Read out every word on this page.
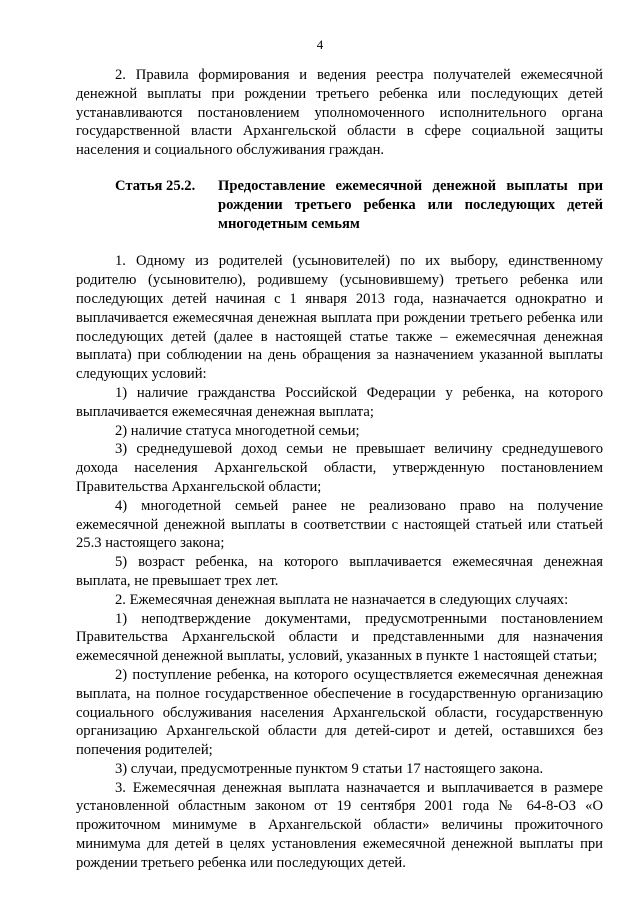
4

2. Правила формирования и ведения реестра получателей ежемесячной денежной выплаты при рождении третьего ребенка или последующих детей устанавливаются постановлением уполномоченного исполнительного органа государственной власти Архангельской области в сфере социальной защиты населения и социального обслуживания граждан.

Статья 25.2.	Предоставление ежемесячной денежной выплаты при рождении третьего ребенка или последующих детей многодетным семьям

1. Одному из родителей (усыновителей) по их выбору, единственному родителю (усыновителю), родившему (усыновившему) третьего ребенка или последующих детей начиная с 1 января 2013 года, назначается однократно и выплачивается ежемесячная денежная выплата при рождении третьего ребенка или последующих детей (далее в настоящей статье также – ежемесячная денежная выплата) при соблюдении на день обращения за назначением указанной выплаты следующих условий:

1) наличие гражданства Российской Федерации у ребенка, на которого выплачивается ежемесячная денежная выплата;

2) наличие статуса многодетной семьи;

3) среднедушевой доход семьи не превышает величину среднедушевого дохода населения Архангельской области, утвержденную постановлением Правительства Архангельской области;

4) многодетной семьей ранее не реализовано право на получение ежемесячной денежной выплаты в соответствии с настоящей статьей или статьей 25.3 настоящего закона;

5) возраст ребенка, на которого выплачивается ежемесячная денежная выплата, не превышает трех лет.

2. Ежемесячная денежная выплата не назначается в следующих случаях:

1) неподтверждение документами, предусмотренными постановлением Правительства Архангельской области и представленными для назначения ежемесячной денежной выплаты, условий, указанных в пункте 1 настоящей статьи;

2) поступление ребенка, на которого осуществляется ежемесячная денежная выплата, на полное государственное обеспечение в государственную организацию социального обслуживания населения Архангельской области, государственную организацию Архангельской области для детей-сирот и детей, оставшихся без попечения родителей;

3) случаи, предусмотренные пунктом 9 статьи 17 настоящего закона.

3. Ежемесячная денежная выплата назначается и выплачивается в размере установленной областным законом от 19 сентября 2001 года № 64-8-ОЗ «О прожиточном минимуме в Архангельской области» величины прожиточного минимума для детей в целях установления ежемесячной денежной выплаты при рождении третьего ребенка или последующих детей.
